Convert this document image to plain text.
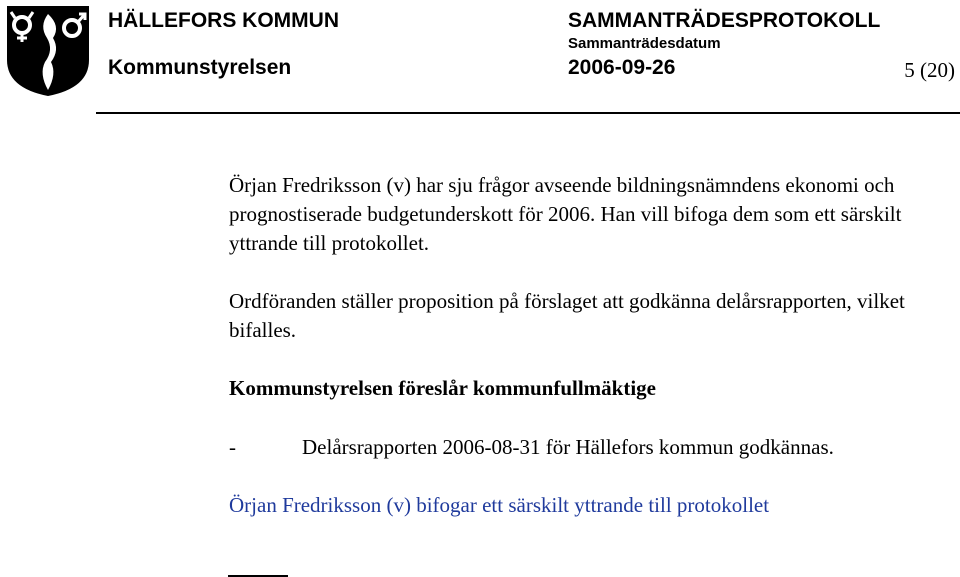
HÄLLEFORS KOMMUN
Kommunstyrelsen
SAMMANTRÄDESPROTOKOLL
Sammanträdesdatum
2006-09-26	5 (20)
Örjan Fredriksson (v) har sju frågor avseende bildningsnämndens ekonomi och prognostiserade budgetunderskott för 2006. Han vill bifoga dem som ett särskilt yttrande till protokollet.
Ordföranden ställer proposition på förslaget att godkänna delårsrapporten, vilket bifalles.
Kommunstyrelsen föreslår kommunfullmäktige
-	Delårsrapporten 2006-08-31 för Hällefors kommun godkännas.
Örjan Fredriksson (v) bifogar ett särskilt yttrande till protokollet
